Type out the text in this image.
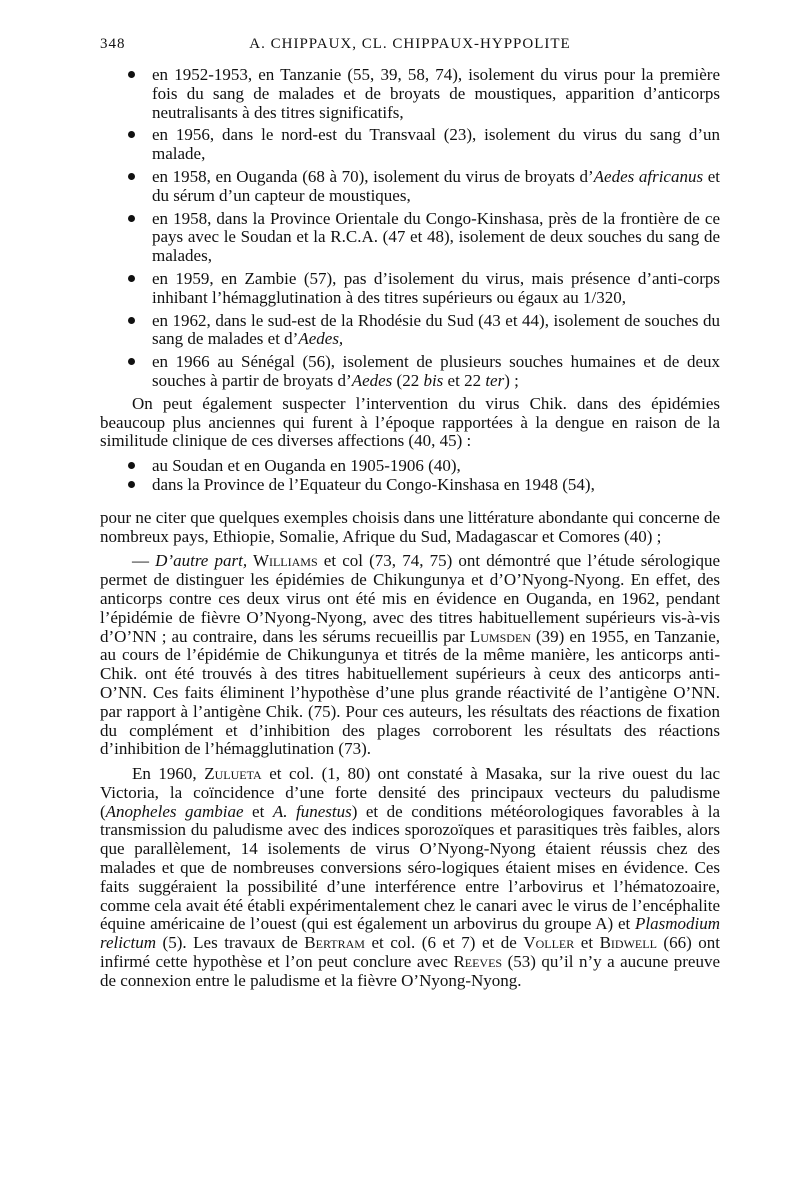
348	A. CHIPPAUX, CL. CHIPPAUX-HYPPOLITE
en 1952-1953, en Tanzanie (55, 39, 58, 74), isolement du virus pour la première fois du sang de malades et de broyats de moustiques, apparition d’anticorps neutralisants à des titres significatifs,
en 1956, dans le nord-est du Transvaal (23), isolement du virus du sang d’un malade,
en 1958, en Ouganda (68 à 70), isolement du virus de broyats d’Aedes africanus et du sérum d’un capteur de moustiques,
en 1958, dans la Province Orientale du Congo-Kinshasa, près de la frontière de ce pays avec le Soudan et la R.C.A. (47 et 48), isolement de deux souches du sang de malades,
en 1959, en Zambie (57), pas d’isolement du virus, mais présence d’anti-corps inhibant l’hémagglutination à des titres supérieurs ou égaux au 1/320,
en 1962, dans le sud-est de la Rhodésie du Sud (43 et 44), isolement de souches du sang de malades et d’Aedes,
en 1966 au Sénégal (56), isolement de plusieurs souches humaines et de deux souches à partir de broyats d’Aedes (22 bis et 22 ter) ;

On peut également suspecter l’intervention du virus Chik. dans des épidémies beaucoup plus anciennes qui furent à l’époque rapportées à la dengue en raison de la similitude clinique de ces diverses affections (40, 45) :

au Soudan et en Ouganda en 1905-1906 (40),
dans la Province de l’Equateur du Congo-Kinshasa en 1948 (54),

pour ne citer que quelques exemples choisis dans une littérature abondante qui concerne de nombreux pays, Ethiopie, Somalie, Afrique du Sud, Madagascar et Comores (40) ;

— D’autre part, Williams et col (73, 74, 75) ont démontré que l’étude sérologique permet de distinguer les épidémies de Chikungunya et d’O’Nyong-Nyong. En effet, des anticorps contre ces deux virus ont été mis en évidence en Ouganda, en 1962, pendant l’épidémie de fièvre O’Nyong-Nyong, avec des titres habituellement supérieurs vis-à-vis d’O’NN ; au contraire, dans les sérums recueillis par Lumsden (39) en 1955, en Tanzanie, au cours de l’épidémie de Chikungunya et titrés de la même manière, les anticorps anti-Chik. ont été trouvés à des titres habituellement supérieurs à ceux des anticorps anti-O’NN. Ces faits éliminent l’hypothèse d’une plus grande réactivité de l’antigène O’NN. par rapport à l’antigène Chik. (75). Pour ces auteurs, les résultats des réactions de fixation du complément et d’inhibition des plages corroborent les résultats des réactions d’inhibition de l’hémagglutination (73).

En 1960, Zulueta et col. (1, 80) ont constaté à Masaka, sur la rive ouest du lac Victoria, la coïncidence d’une forte densité des principaux vecteurs du paludisme (Anopheles gambiae et A. funestus) et de conditions météorologiques favorables à la transmission du paludisme avec des indices sporozoïques et parasitiques très faibles, alors que parallèlement, 14 isolements de virus O’Nyong-Nyong étaient réussis chez des malades et que de nombreuses conversions séro-logiques étaient mises en évidence. Ces faits suggéraient la possibilité d’une interférence entre l’arbovirus et l’hématozoaire, comme cela avait été établi expérimentalement chez le canari avec le virus de l’encéphalite équine américaine de l’ouest (qui est également un arbovirus du groupe A) et Plasmodium relictum (5). Les travaux de Bertram et col. (6 et 7) et de Voller et Bidwell (66) ont infirmé cette hypothèse et l’on peut conclure avec Reeves (53) qu’il n’y a aucune preuve de connexion entre le paludisme et la fièvre O’Nyong-Nyong.
